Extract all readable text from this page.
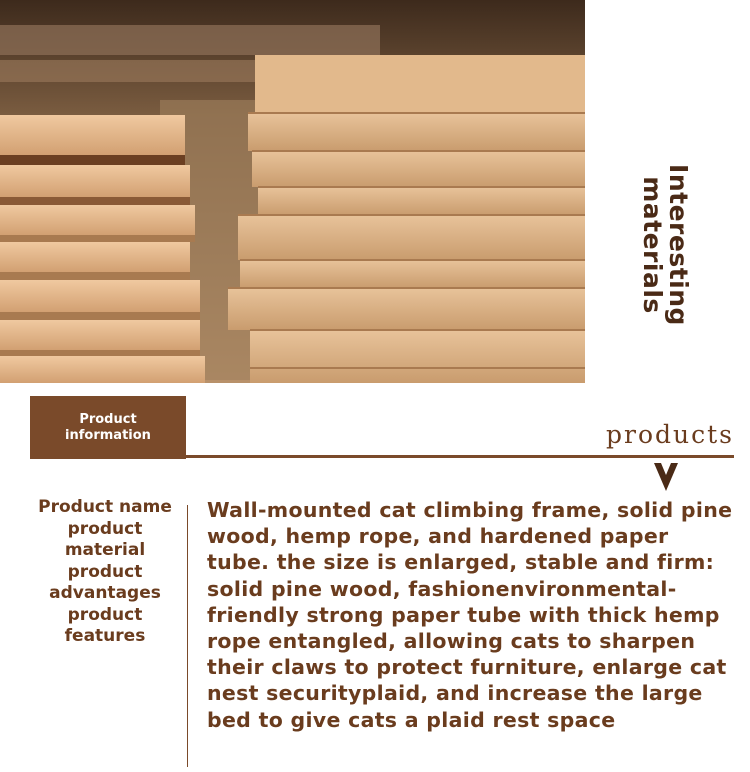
Interesting
materials
Product
information	products
Product name
product
material
product
advantages
product
features
Wall-mounted cat climbing frame, solid pine wood, hemp rope, and hardened paper tube. the size is enlarged, stable and firm: solid pine wood, fashionenvironmental-friendly strong paper tube with thick hemp rope entangled, allowing cats to sharpen their claws to protect furniture, enlarge cat nest securityplaid, and increase the large bed to give cats a plaid rest space
